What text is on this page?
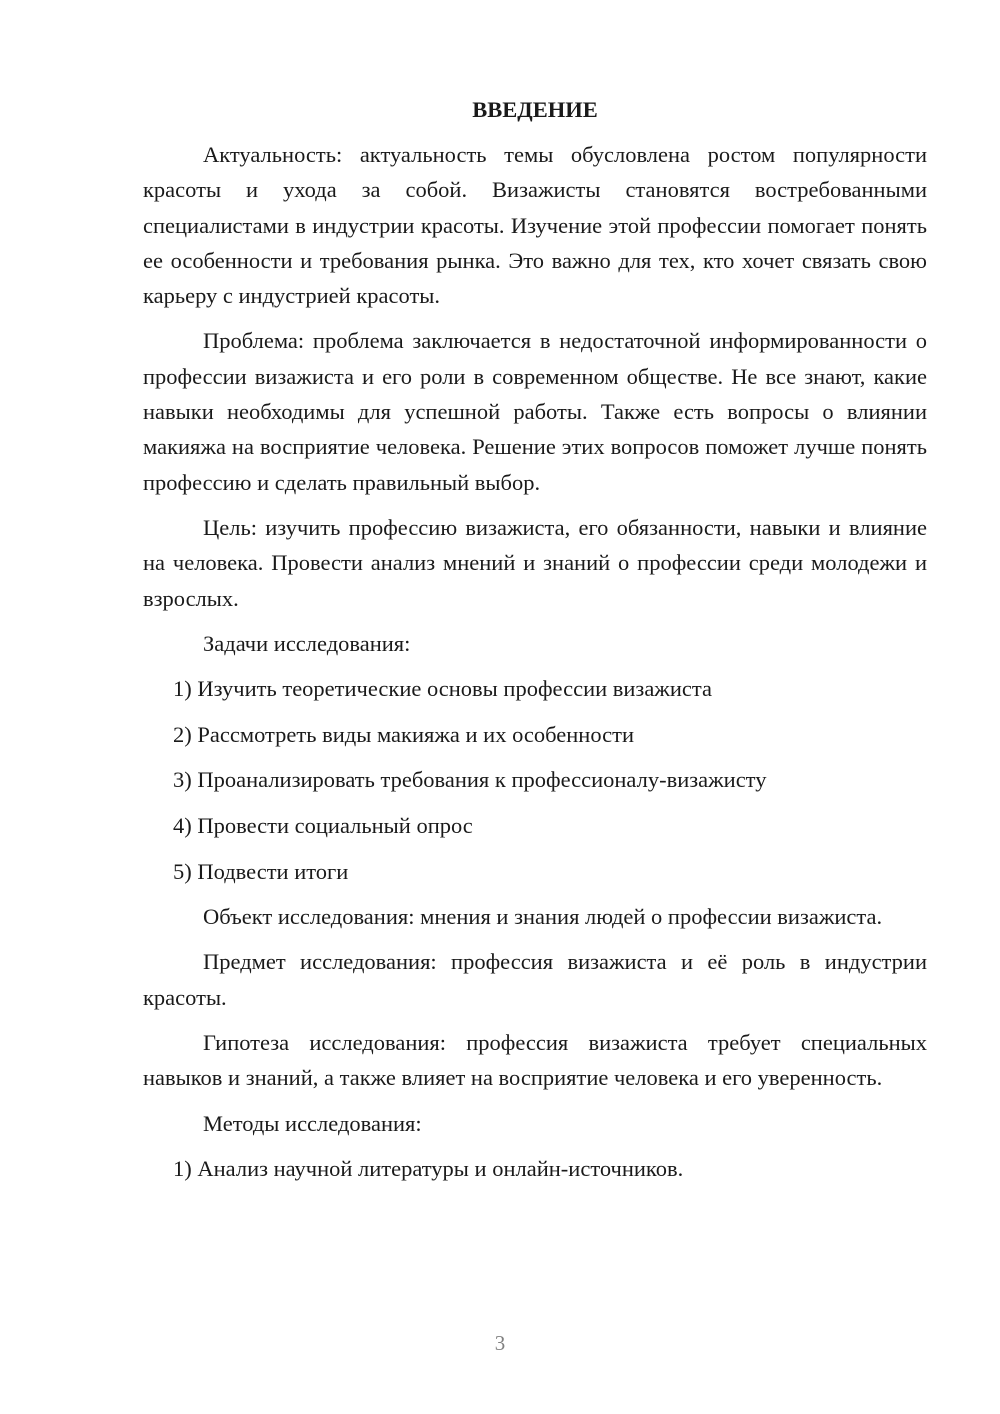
ВВЕДЕНИЕ

Актуальность: актуальность темы обусловлена ростом популярности красоты и ухода за собой. Визажисты становятся востребованными специалистами в индустрии красоты. Изучение этой профессии помогает понять ее особенности и требования рынка. Это важно для тех, кто хочет связать свою карьеру с индустрией красоты.

Проблема: проблема заключается в недостаточной информированности о профессии визажиста и его роли в современном обществе. Не все знают, какие навыки необходимы для успешной работы. Также есть вопросы о влиянии макияжа на восприятие человека. Решение этих вопросов поможет лучше понять профессию и сделать правильный выбор.

Цель: изучить профессию визажиста, его обязанности, навыки и влияние на человека. Провести анализ мнений и знаний о профессии среди молодежи и взрослых.

Задачи исследования:

1) Изучить теоретические основы профессии визажиста
2) Рассмотреть виды макияжа и их особенности
3) Проанализировать требования к профессионалу-визажисту
4) Провести социальный опрос
5) Подвести итоги

Объект исследования: мнения и знания людей о профессии визажиста.

Предмет исследования: профессия визажиста и её роль в индустрии красоты.

Гипотеза исследования: профессия визажиста требует специальных навыков и знаний, а также влияет на восприятие человека и его уверенность.

Методы исследования:

1) Анализ научной литературы и онлайн-источников.
3
